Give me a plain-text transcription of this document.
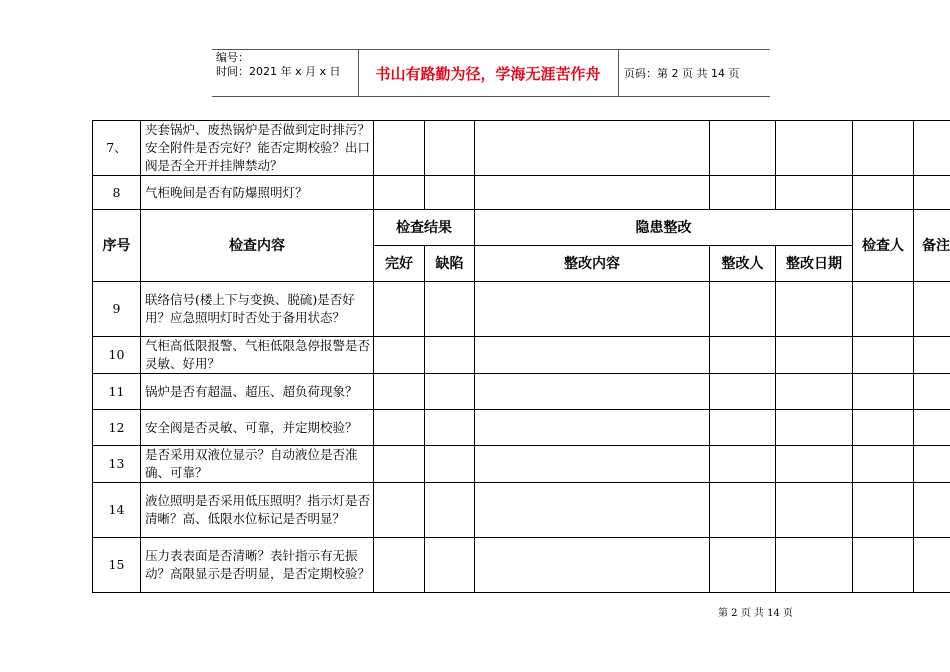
编号：
时间：2021 年 x 月 x 日	书山有路勤为径，学海无涯苦作舟	页码：第 2 页 共 14 页
7、	夹套锅炉、废热锅炉是否做到定时排污？安全附件是否完好？能否定期校验？出口阀是否全开并挂牌禁动？							
8	气柜晚间是否有防爆照明灯？							
序号	检查内容	检查结果		隐患整改			检查人	备注
		完好	缺陷	整改内容	整改人	整改日期		
9	联络信号(楼上下与变换、脱硫)是否好用？应急照明灯时否处于备用状态？							
10	气柜高低限报警、气柜低限急停报警是否灵敏、好用？							
11	锅炉是否有超温、超压、超负荷现象？							
12	安全阀是否灵敏、可靠，并定期校验？							
13	是否采用双液位显示？自动液位是否准确、可靠？							
14	液位照明是否采用低压照明？指示灯是否清晰？高、低限水位标记是否明显？							
15	压力表表面是否清晰？表针指示有无振动？高限显示是否明显，是否定期校验？							
第 2 页 共 14 页
